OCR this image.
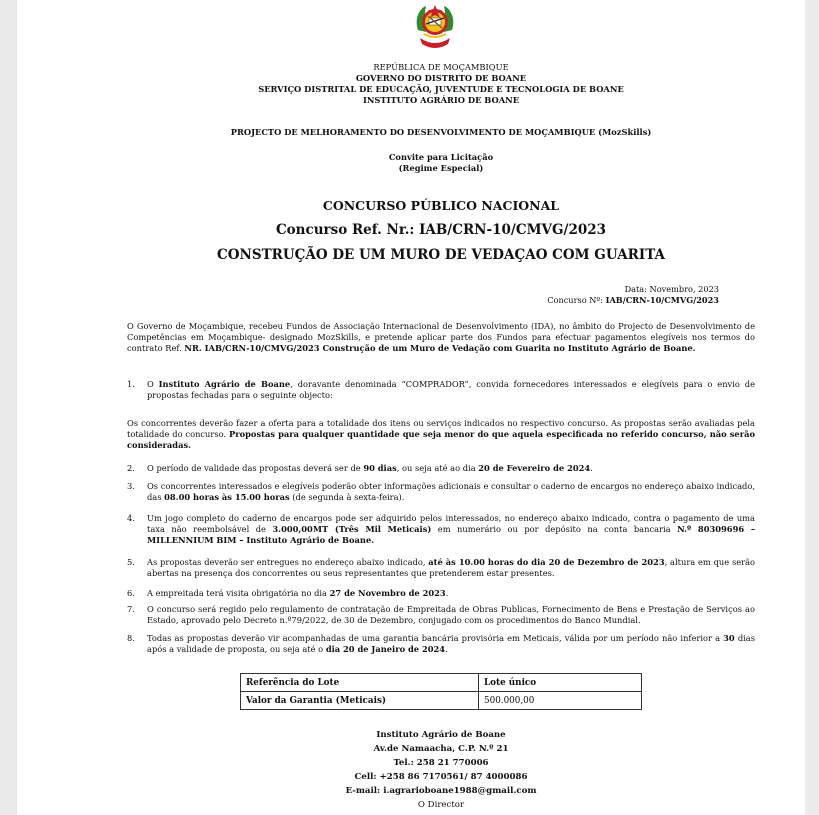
REPÚBLICA DE MOÇAMBIQUE
GOVERNO DO DISTRITO DE BOANE
SERVIÇO DISTRITAL DE EDUCAÇÃO, JUVENTUDE E TECNOLOGIA DE BOANE
INSTITUTO AGRÁRIO DE BOANE
PROJECTO DE MELHORAMENTO DO DESENVOLVIMENTO DE MOÇAMBIQUE (MozSkills)
Convite para Licitação
(Regime Especial)
CONCURSO PÚBLICO NACIONAL
Concurso Ref. Nr.: IAB/CRN-10/CMVG/2023
CONSTRUÇÃO DE UM MURO DE VEDAÇAO COM GUARITA
Data: Novembro, 2023
Concurso Nº: IAB/CRN-10/CMVG/2023
O Governo de Moçambique, recebeu Fundos de Associação Internacional de Desenvolvimento (IDA), no âmbito do Projecto de Desenvolvimento de Competências em Moçambique- designado MozSkills, e pretende aplicar parte dos Fundos para efectuar pagamentos elegíveis nos termos do contrato Ref. NR. IAB/CRN-10/CMVG/2023 Construção de um Muro de Vedação com Guarita no Instituto Agrário de Boane.
1. O Instituto Agrário de Boane, doravante denominada “COMPRADOR”, convida fornecedores interessados e elegíveis para o envio de propostas fechadas para o seguinte objecto:
Os concorrentes deverão fazer a oferta para a totalidade dos itens ou serviços indicados no respectivo concurso. As propostas serão avaliadas pela totalidade do concurso. Propostas para qualquer quantidade que seja menor do que aquela especificada no referido concurso, não serão consideradas.
2. O período de validade das propostas deverá ser de 90 dias, ou seja até ao dia 20 de Fevereiro de 2024.
3. Os concorrentes interessados e elegíveis poderão obter informações adicionais e consultar o caderno de encargos no endereço abaixo indicado, das 08.00 horas às 15.00 horas (de segunda à sexta-feira).
4. Um jogo completo do caderno de encargos pode ser adquirido pelos interessados, no endereço abaixo indicado, contra o pagamento de uma taxa não reembolsável de 3.000,00MT (Três Mil Meticais) em numerário ou por depósito na conta bancaria N.º 80309696 – MILLENNIUM BIM – Instituto Agrário de Boane.
5. As propostas deverão ser entregues no endereço abaixo indicado, até às 10.00 horas do dia 20 de Dezembro de 2023, altura em que serão abertas na presença dos concorrentes ou seus representantes que pretenderem estar presentes.
6. A empreitada terá visita obrigatória no dia 27 de Novembro de 2023.
7. O concurso será regido pelo regulamento de contratação de Empreitada de Obras Publicas, Fornecimento de Bens e Prestação de Serviços ao Estado, aprovado pelo Decreto n.º79/2022, de 30 de Dezembro, conjugado com os procedimentos do Banco Mundial.
8. Todas as propostas deverão vir acompanhadas de uma garantia bancária provisória em Meticais, válida por um período não inferior a 30 dias após a validade de proposta, ou seja até o dia 20 de Janeiro de 2024.
Referência do Lote	Lote único
Valor da Garantia (Meticais)	500.000,00
Instituto Agrário de Boane
Av.de Namaacha, C.P. N.º 21
Tel.: 258 21 770006
Cell: +258 86 7170561/ 87 4000086
E-mail: i.agrarioboane1988@gmail.com
O Director
